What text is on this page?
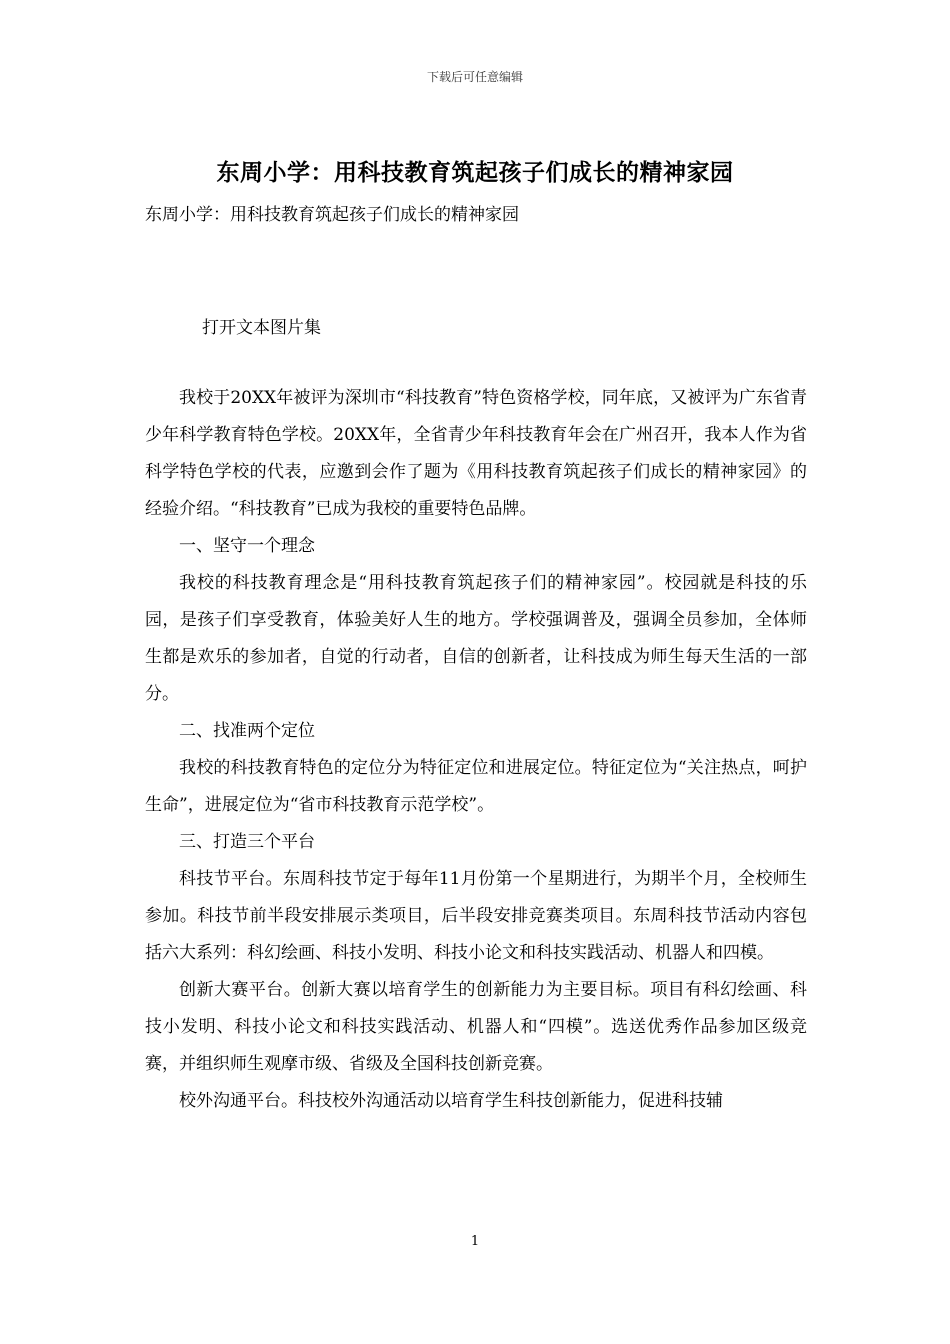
下载后可任意编辑
东周小学：用科技教育筑起孩子们成长的精神家园
东周小学：用科技教育筑起孩子们成长的精神家园
打开文本图片集

我校于20XX年被评为深圳市“科技教育”特色资格学校，同年底，又被评为广东省青少年科学教育特色学校。20XX年，全省青少年科技教育年会在广州召开，我本人作为省科学特色学校的代表，应邀到会作了题为《用科技教育筑起孩子们成长的精神家园》的经验介绍。“科技教育”已成为我校的重要特色品牌。

一、坚守一个理念

我校的科技教育理念是“用科技教育筑起孩子们的精神家园”。校园就是科技的乐园，是孩子们享受教育，体验美好人生的地方。学校强调普及，强调全员参加，全体师生都是欢乐的参加者，自觉的行动者，自信的创新者，让科技成为师生每天生活的一部分。

二、找准两个定位

我校的科技教育特色的定位分为特征定位和进展定位。特征定位为“关注热点，呵护生命”，进展定位为“省市科技教育示范学校”。

三、打造三个平台

科技节平台。东周科技节定于每年11月份第一个星期进行，为期半个月，全校师生参加。科技节前半段安排展示类项目，后半段安排竞赛类项目。东周科技节活动内容包括六大系列：科幻绘画、科技小发明、科技小论文和科技实践活动、机器人和四模。

创新大赛平台。创新大赛以培育学生的创新能力为主要目标。项目有科幻绘画、科技小发明、科技小论文和科技实践活动、机器人和“四模”。选送优秀作品参加区级竞赛，并组织师生观摩市级、省级及全国科技创新竞赛。

校外沟通平台。科技校外沟通活动以培育学生科技创新能力，促进科技辅

1
